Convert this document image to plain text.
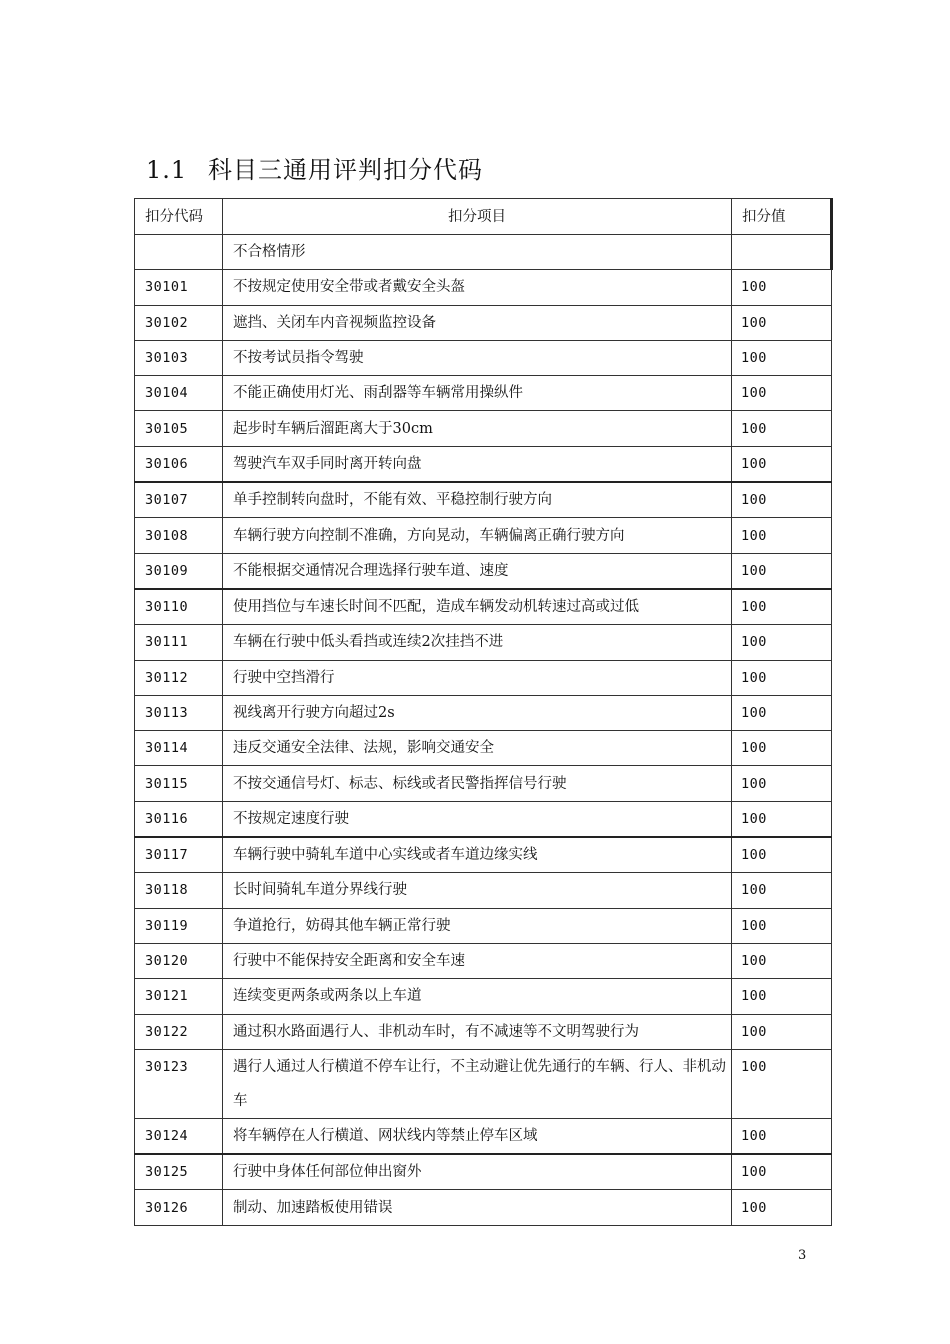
1.1 科目三通用评判扣分代码
扣分代码	扣分项目	扣分值
	不合格情形	
30101	不按规定使用安全带或者戴安全头盔	100
30102	遮挡、关闭车内音视频监控设备	100
30103	不按考试员指令驾驶	100
30104	不能正确使用灯光、雨刮器等车辆常用操纵件	100
30105	起步时车辆后溜距离大于30cm	100
30106	驾驶汽车双手同时离开转向盘	100
30107	单手控制转向盘时，不能有效、平稳控制行驶方向	100
30108	车辆行驶方向控制不准确，方向晃动，车辆偏离正确行驶方向	100
30109	不能根据交通情况合理选择行驶车道、速度	100
30110	使用挡位与车速长时间不匹配，造成车辆发动机转速过高或过低	100
30111	车辆在行驶中低头看挡或连续2次挂挡不进	100
30112	行驶中空挡滑行	100
30113	视线离开行驶方向超过2s	100
30114	违反交通安全法律、法规，影响交通安全	100
30115	不按交通信号灯、标志、标线或者民警指挥信号行驶	100
30116	不按规定速度行驶	100
30117	车辆行驶中骑轧车道中心实线或者车道边缘实线	100
30118	长时间骑轧车道分界线行驶	100
30119	争道抢行，妨碍其他车辆正常行驶	100
30120	行驶中不能保持安全距离和安全车速	100
30121	连续变更两条或两条以上车道	100
30122	通过积水路面遇行人、非机动车时，有不减速等不文明驾驶行为	100
30123	遇行人通过人行横道不停车让行，不主动避让优先通行的车辆、行人、非机动车	100
30124	将车辆停在人行横道、网状线内等禁止停车区域	100
30125	行驶中身体任何部位伸出窗外	100
30126	制动、加速踏板使用错误	100
3
